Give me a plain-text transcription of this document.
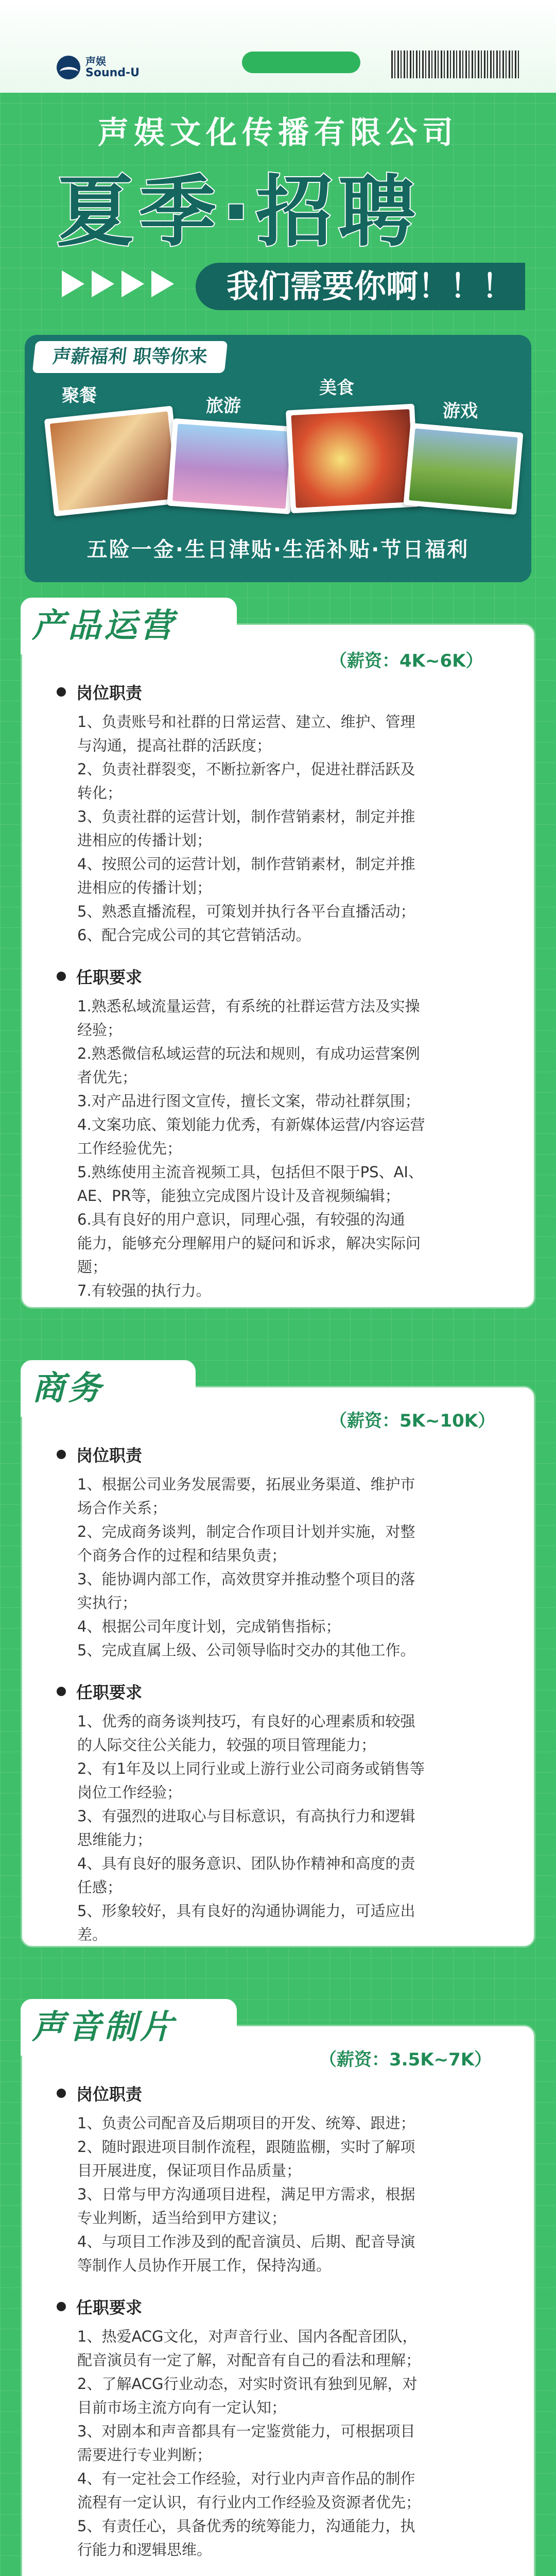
声娱
Sound-U
声娱文化传播有限公司
夏季·招聘
我们需要你啊！！！
声薪福利 职等你来
聚餐	旅游
美食
游戏
五险一金·生日津贴·生活补贴·节日福利
产品运营
（薪资：4K~6K）
岗位职责
1、负责账号和社群的日常运营、建立、维护、管理
与沟通，提高社群的活跃度；
2、负责社群裂变，不断拉新客户，促进社群活跃及
转化；
3、负责社群的运营计划，制作营销素材，制定并推
进相应的传播计划；
4、按照公司的运营计划，制作营销素材，制定并推
进相应的传播计划；
5、熟悉直播流程，可策划并执行各平台直播活动；
6、配合完成公司的其它营销活动。
任职要求
1.熟悉私域流量运营，有系统的社群运营方法及实操
经验；
2.熟悉微信私域运营的玩法和规则，有成功运营案例
者优先；
3.对产品进行图文宣传，擅长文案，带动社群氛围；
4.文案功底、策划能力优秀，有新媒体运营/内容运营
工作经验优先；
5.熟练使用主流音视频工具，包括但不限于PS、AI、
AE、PR等，能独立完成图片设计及音视频编辑；
6.具有良好的用户意识，同理心强，有较强的沟通
能力，能够充分理解用户的疑问和诉求，解决实际问
题；
7.有较强的执行力。
商务
（薪资：5K~10K）
岗位职责
1、根据公司业务发展需要，拓展业务渠道、维护市
场合作关系；
2、完成商务谈判，制定合作项目计划并实施，对整
个商务合作的过程和结果负责；
3、能协调内部工作，高效贯穿并推动整个项目的落
实执行；
4、根据公司年度计划，完成销售指标；
5、完成直属上级、公司领导临时交办的其他工作。
任职要求
1、优秀的商务谈判技巧，有良好的心理素质和较强
的人际交往公关能力，较强的项目管理能力；
2、有1年及以上同行业或上游行业公司商务或销售等
岗位工作经验；
3、有强烈的进取心与目标意识，有高执行力和逻辑
思维能力；
4、具有良好的服务意识、团队协作精神和高度的责
任感；
5、形象较好，具有良好的沟通协调能力，可适应出
差。
声音制片
（薪资：3.5K~7K）
岗位职责
1、负责公司配音及后期项目的开发、统筹、跟进；
2、随时跟进项目制作流程，跟随监棚，实时了解项
目开展进度，保证项目作品质量；
3、日常与甲方沟通项目进程，满足甲方需求，根据
专业判断，适当给到甲方建议；
4、与项目工作涉及到的配音演员、后期、配音导演
等制作人员协作开展工作，保持沟通。
任职要求
1、热爱ACG文化，对声音行业、国内各配音团队，
配音演员有一定了解，对配音有自己的看法和理解；
2、了解ACG行业动态，对实时资讯有独到见解，对
目前市场主流方向有一定认知；
3、对剧本和声音都具有一定鉴赏能力，可根据项目
需要进行专业判断；
4、有一定社会工作经验，对行业内声音作品的制作
流程有一定认识，有行业内工作经验及资源者优先；
5、有责任心，具备优秀的统筹能力，沟通能力，执
行能力和逻辑思维。
